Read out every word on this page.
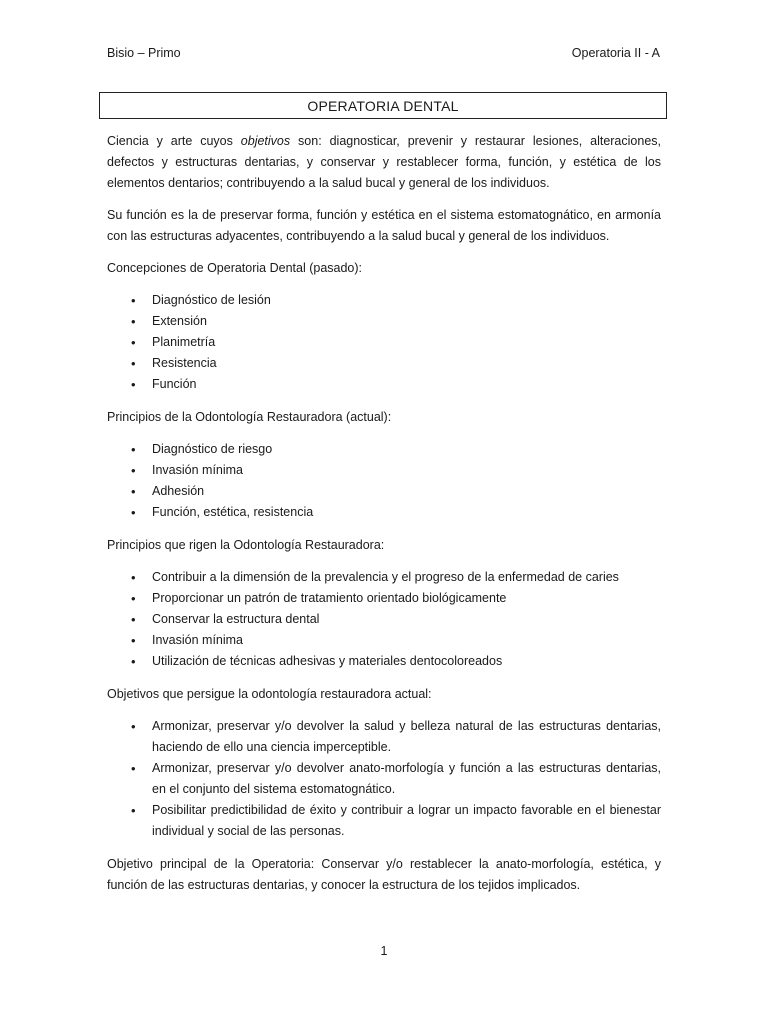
Bisio – Primo	Operatoria II - A
OPERATORIA DENTAL

Ciencia y arte cuyos objetivos son: diagnosticar, prevenir y restaurar lesiones, alteraciones, defectos y estructuras dentarias, y conservar y restablecer forma, función, y estética de los elementos dentarios; contribuyendo a la salud bucal y general de los individuos.

Su función es la de preservar forma, función y estética en el sistema estomatognático, en armonía con las estructuras adyacentes, contribuyendo a la salud bucal y general de los individuos.

Concepciones de Operatoria Dental (pasado):

• Diagnóstico de lesión
• Extensión
• Planimetría
• Resistencia
• Función

Principios de la Odontología Restauradora (actual):

• Diagnóstico de riesgo
• Invasión mínima
• Adhesión
• Función, estética, resistencia

Principios que rigen la Odontología Restauradora:

• Contribuir a la dimensión de la prevalencia y el progreso de la enfermedad de caries
• Proporcionar un patrón de tratamiento orientado biológicamente
• Conservar la estructura dental
• Invasión mínima
• Utilización de técnicas adhesivas y materiales dentocoloreados

Objetivos que persigue la odontología restauradora actual:

• Armonizar, preservar y/o devolver la salud y belleza natural de las estructuras dentarias, haciendo de ello una ciencia imperceptible.
• Armonizar, preservar y/o devolver anato-morfología y función a las estructuras dentarias, en el conjunto del sistema estomatognático.
• Posibilitar predictibilidad de éxito y contribuir a lograr un impacto favorable en el bienestar individual y social de las personas.

Objetivo principal de la Operatoria: Conservar y/o restablecer la anato-morfología, estética, y función de las estructuras dentarias, y conocer la estructura de los tejidos implicados.

1
